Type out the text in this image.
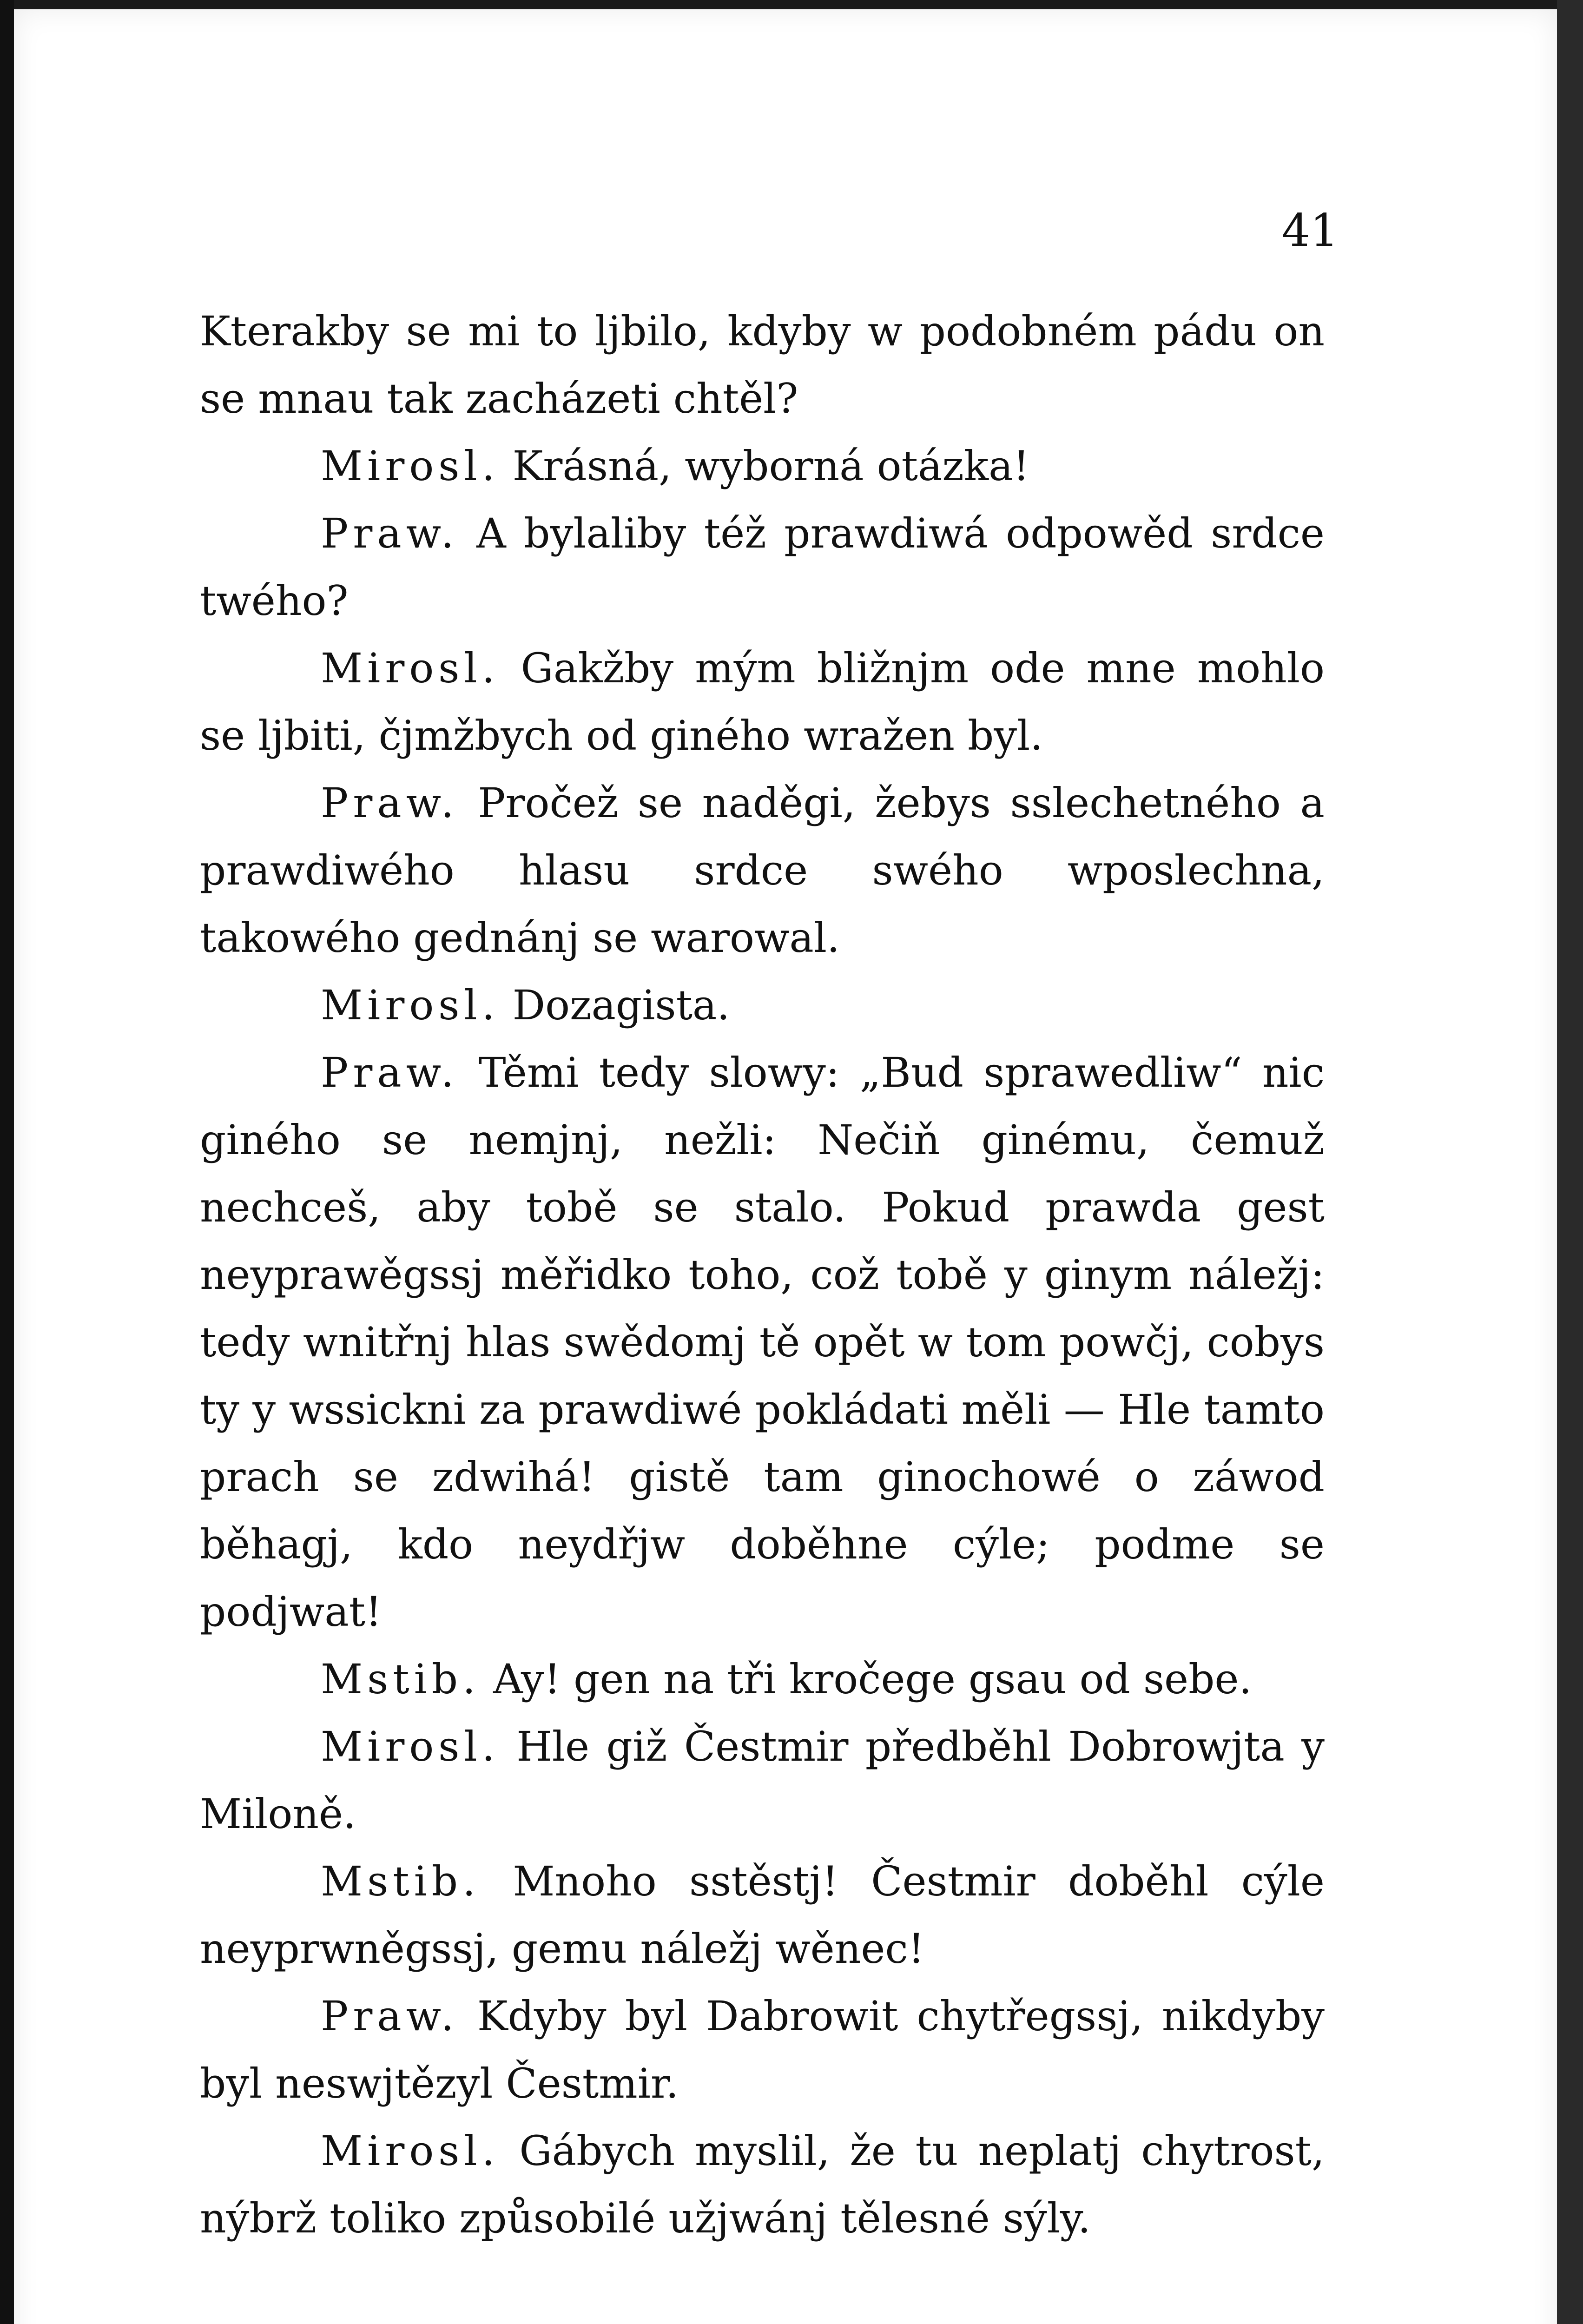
41

Kterakby se mi to ljbilo, kdyby w podobném pádu on se mnau tak zacházeti chtěl?

Mirosl. Krásná, wyborná otázka!

Praw. A bylaliby též prawdiwá odpowěd srdce twého?

Mirosl. Gakžby mým bližnjm ode mne mohlo se ljbiti, čjmžbych od giného wražen byl.

Praw. Pročež se naděgi, žebys sslechetného a prawdiwého hlasu srdce swého wposlechna, takowého gednánj se warowal.

Mirosl. Dozagista.

Praw. Těmi tedy slowy: „Bud sprawedliw“ nic giného se nemjnj, nežli: Nečiň ginému, čemuž nechceš, aby tobě se stalo. Pokud prawda gest neyprawěgssj měřidko toho, což tobě y ginym náležj: tedy wnitřnj hlas swědomj tě opět w tom powčj, cobys ty y wssickni za prawdiwé pokládati měli — Hle tamto prach se zdwihá! gistě tam ginochowé o záwod běhagj, kdo neydřjw doběhne cýle; podme se podjwat!

Mstib. Ay! gen na tři kročege gsau od sebe.

Mirosl. Hle giž Čestmir předběhl Dobrowjta y Miloně.

Mstib. Mnoho sstěstj! Čestmir doběhl cýle neyprwněgssj, gemu náležj wěnec!

Praw. Kdyby byl Dabrowit chytřegssj, nikdyby byl neswjtězyl Čestmir.

Mirosl. Gábych myslil, že tu neplatj chytrost, nýbrž toliko způsobilé užjwánj tělesné sýly.
